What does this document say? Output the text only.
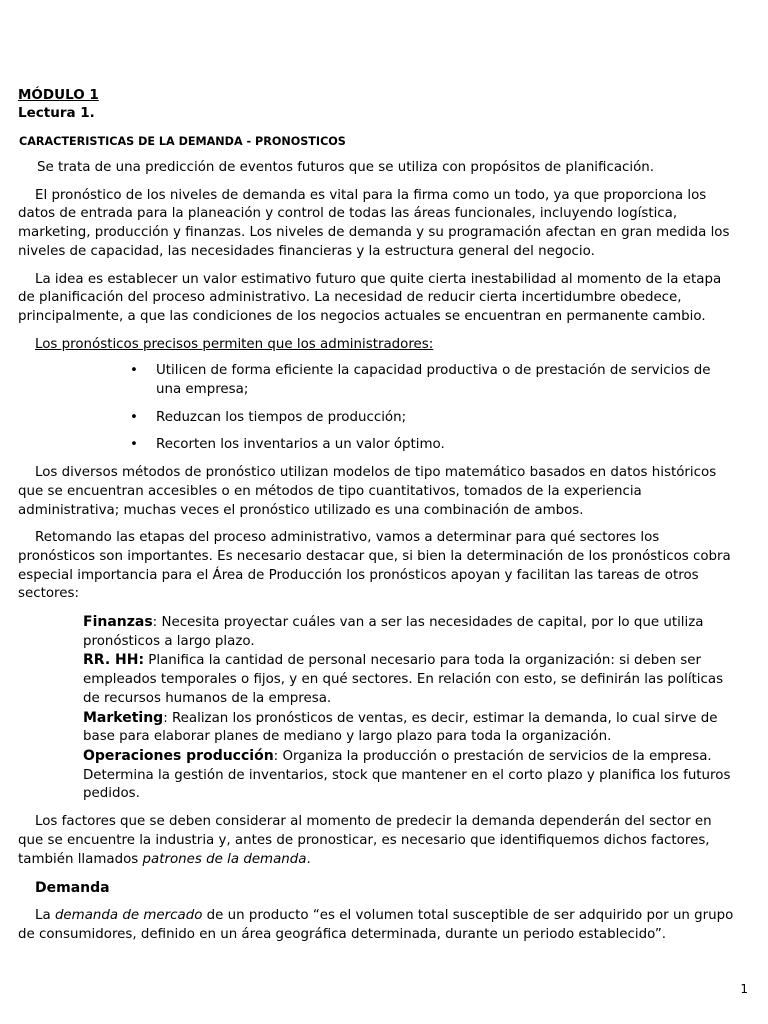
MÓDULO 1

Lectura 1.

CARACTERISTICAS DE LA DEMANDA - PRONOSTICOS

Se trata de una predicción de eventos futuros que se utiliza con propósitos de planificación.

El pronóstico de los niveles de demanda es vital para la firma como un todo, ya que proporciona los datos de entrada para la planeación y control de todas las áreas funcionales, incluyendo logística, marketing, producción y finanzas. Los niveles de demanda y su programación afectan en gran medida los niveles de capacidad, las necesidades financieras y la estructura general del negocio.

La idea es establecer un valor estimativo futuro que quite cierta inestabilidad al momento de la etapa de planificación del proceso administrativo. La necesidad de reducir cierta incertidumbre obedece, principalmente, a que las condiciones de los negocios actuales se encuentran en permanente cambio.

Los pronósticos precisos permiten que los administradores:

• Utilicen de forma eficiente la capacidad productiva o de prestación de servicios de una empresa;
• Reduzcan los tiempos de producción;
• Recorten los inventarios a un valor óptimo.

Los diversos métodos de pronóstico utilizan modelos de tipo matemático basados en datos históricos que se encuentran accesibles o en métodos de tipo cuantitativos, tomados de la experiencia administrativa; muchas veces el pronóstico utilizado es una combinación de ambos.

Retomando las etapas del proceso administrativo, vamos a determinar para qué sectores los pronósticos son importantes. Es necesario destacar que, si bien la determinación de los pronósticos cobra especial importancia para el Área de Producción los pronósticos apoyan y facilitan las tareas de otros sectores:

Finanzas: Necesita proyectar cuáles van a ser las necesidades de capital, por lo que utiliza pronósticos a largo plazo.

RR. HH: Planifica la cantidad de personal necesario para toda la organización: si deben ser empleados temporales o fijos, y en qué sectores. En relación con esto, se definirán las políticas de recursos humanos de la empresa.

Marketing: Realizan los pronósticos de ventas, es decir, estimar la demanda, lo cual sirve de base para elaborar planes de mediano y largo plazo para toda la organización.

Operaciones producción: Organiza la producción o prestación de servicios de la empresa. Determina la gestión de inventarios, stock que mantener en el corto plazo y planifica los futuros pedidos.

Los factores que se deben considerar al momento de predecir la demanda dependerán del sector en que se encuentre la industria y, antes de pronosticar, es necesario que identifiquemos dichos factores, también llamados patrones de la demanda.

Demanda

La demanda de mercado de un producto “es el volumen total susceptible de ser adquirido por un grupo de consumidores, definido en un área geográfica determinada, durante un periodo establecido”.

1
